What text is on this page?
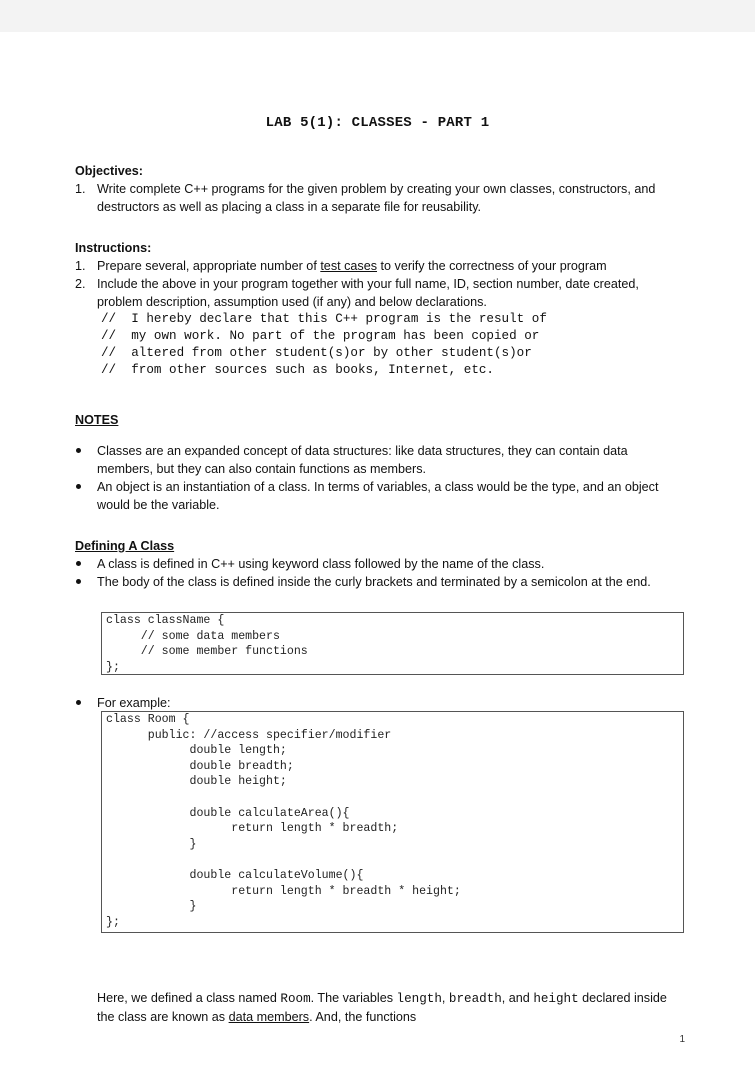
LAB 5(1): CLASSES - PART 1
Objectives:
1. Write complete C++ programs for the given problem by creating your own classes, constructors, and destructors as well as placing a class in a separate file for reusability.
Instructions:
1. Prepare several, appropriate number of test cases to verify the correctness of your program
2. Include the above in your program together with your full name, ID, section number, date created, problem description, assumption used (if any) and below declarations.
//  I hereby declare that this C++ program is the result of
//  my own work. No part of the program has been copied or
//  altered from other student(s)or by other student(s)or
//  from other sources such as books, Internet, etc.
NOTES
Classes are an expanded concept of data structures: like data structures, they can contain data members, but they can also contain functions as members.
An object is an instantiation of a class. In terms of variables, a class would be the type, and an object would be the variable.
Defining A Class
A class is defined in C++ using keyword class followed by the name of the class.
The body of the class is defined inside the curly brackets and terminated by a semicolon at the end.
class className {
// some data members
// some member functions
};
For example:
class Room {
public: //access specifier/modifier
double length;
double breadth;
double height;

double calculateArea(){
return length * breadth;
}

double calculateVolume(){
return length * breadth * height;
}
};
Here, we defined a class named Room. The variables length, breadth, and height declared inside the class are known as data members. And, the functions
1
